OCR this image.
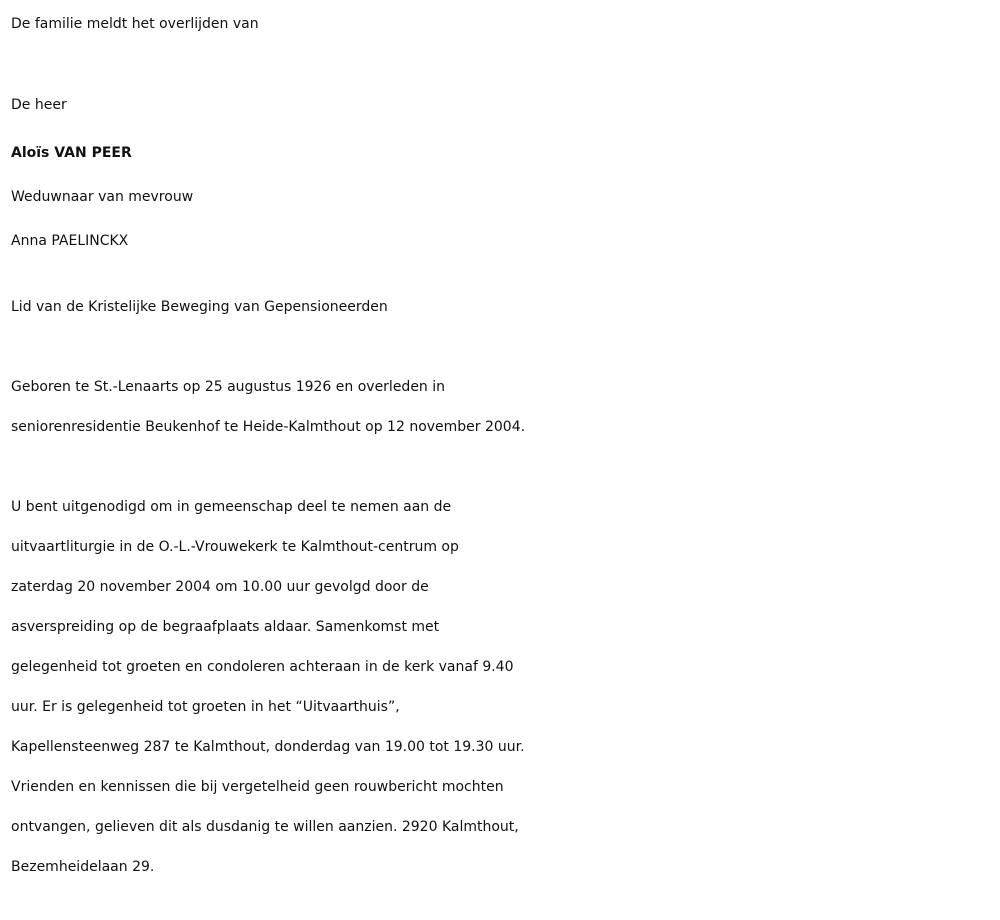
De familie meldt het overlijden van

De heer

Aloïs VAN PEER

Weduwnaar van mevrouw

Anna PAELINCKX

Lid van de Kristelijke Beweging van Gepensioneerden

Geboren te St.-Lenaarts op 25 augustus 1926 en overleden in
seniorenresidentie Beukenhof te Heide-Kalmthout op 12 november 2004.
U bent uitgenodigd om in gemeenschap deel te nemen aan de
uitvaartliturgie in de O.-L.-Vrouwekerk te Kalmthout-centrum op
zaterdag 20 november 2004 om 10.00 uur gevolgd door de
asverspreiding op de begraafplaats aldaar. Samenkomst met
gelegenheid tot groeten en condoleren achteraan in de kerk vanaf 9.40
uur. Er is gelegenheid tot groeten in het “Uitvaarthuis”,
Kapellensteenweg 287 te Kalmthout, donderdag van 19.00 tot 19.30 uur.
Vrienden en kennissen die bij vergetelheid geen rouwbericht mochten
ontvangen, gelieven dit als dusdanig te willen aanzien. 2920 Kalmthout,
Bezemheidelaan 29.
